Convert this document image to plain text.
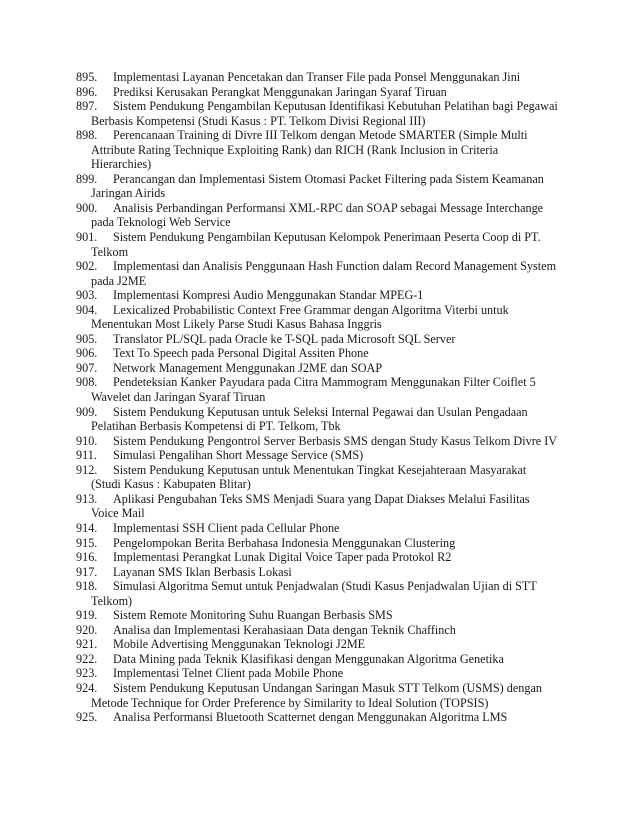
895. Implementasi Layanan Pencetakan dan Transer File pada Ponsel Menggunakan Jini
896. Prediksi Kerusakan Perangkat Menggunakan Jaringan Syaraf Tiruan
897. Sistem Pendukung Pengambilan Keputusan Identifikasi Kebutuhan Pelatihan bagi Pegawai Berbasis Kompetensi (Studi Kasus : PT. Telkom Divisi Regional III)
898. Perencanaan Training di Divre III Telkom dengan Metode SMARTER (Simple Multi Attribute Rating Technique Exploiting Rank) dan RICH (Rank Inclusion in Criteria Hierarchies)
899. Perancangan dan Implementasi Sistem Otomasi Packet Filtering pada Sistem Keamanan Jaringan Airids
900. Analisis Perbandingan Performansi XML-RPC dan SOAP sebagai Message Interchange pada Teknologi Web Service
901. Sistem Pendukung Pengambilan Keputusan Kelompok Penerimaan Peserta Coop di PT. Telkom
902. Implementasi dan Analisis Penggunaan Hash Function dalam Record Management System pada J2ME
903. Implementasi Kompresi Audio Menggunakan Standar MPEG-1
904. Lexicalized Probabilistic Context Free Grammar dengan Algoritma Viterbi untuk Menentukan Most Likely Parse Studi Kasus Bahasa Inggris
905. Translator PL/SQL pada Oracle ke T-SQL pada Microsoft SQL Server
906. Text To Speech pada Personal Digital Assiten Phone
907. Network Management Menggunakan J2ME dan SOAP
908. Pendeteksian Kanker Payudara pada Citra Mammogram Menggunakan Filter Coiflet 5 Wavelet dan Jaringan Syaraf Tiruan
909. Sistem Pendukung Keputusan untuk Seleksi Internal Pegawai dan Usulan Pengadaan Pelatihan Berbasis Kompetensi di PT. Telkom, Tbk
910. Sistem Pendukung Pengontrol Server Berbasis SMS dengan Study Kasus Telkom Divre IV
911. Simulasi Pengalihan Short Message Service (SMS)
912. Sistem Pendukung Keputusan untuk Menentukan Tingkat Kesejahteraan Masyarakat (Studi Kasus : Kabupaten Blitar)
913. Aplikasi Pengubahan Teks SMS Menjadi Suara yang Dapat Diakses Melalui Fasilitas Voice Mail
914. Implementasi SSH Client pada Cellular Phone
915. Pengelompokan Berita Berbahasa Indonesia Menggunakan Clustering
916. Implementasi Perangkat Lunak Digital Voice Taper pada Protokol R2
917. Layanan SMS Iklan Berbasis Lokasi
918. Simulasi Algoritma Semut untuk Penjadwalan (Studi Kasus Penjadwalan Ujian di STT Telkom)
919. Sistem Remote Monitoring Suhu Ruangan Berbasis SMS
920. Analisa dan Implementasi Kerahasiaan Data dengan Teknik Chaffinch
921. Mobile Advertising Menggunakan Teknologi J2ME
922. Data Mining pada Teknik Klasifikasi dengan Menggunakan Algoritma Genetika
923. Implementasi Telnet Client pada Mobile Phone
924. Sistem Pendukung Keputusan Undangan Saringan Masuk STT Telkom (USMS) dengan Metode Technique for Order Preference by Similarity to Ideal Solution (TOPSIS)
925. Analisa Performansi Bluetooth Scatternet dengan Menggunakan Algoritma LMS
